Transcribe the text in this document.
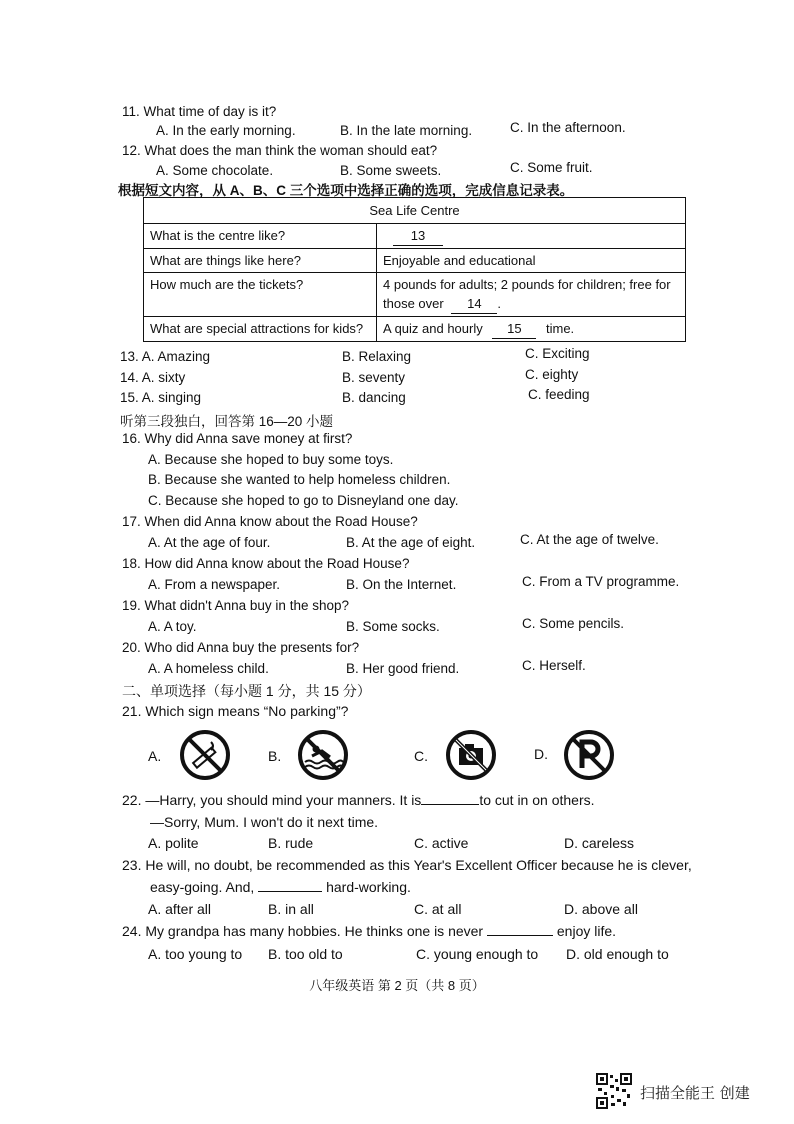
11. What time of day is it?
A. In the early morning.	B. In the late morning.	C. In the afternoon.
12. What does the man think the woman should eat?
A. Some chocolate.	B. Some sweets.	C. Some fruit.
根据短文内容，从 A、B、C 三个选项中选择正确的选项，完成信息记录表。
Sea Life Centre	
What is the centre like?	13
What are things like here?	Enjoyable and educational
How much are the tickets?	4 pounds for adults; 2 pounds for children; free for those over 14 .
What are special attractions for kids?	A quiz and hourly 15 time.
13. A. Amazing	B. Relaxing	C. Exciting
14. A. sixty	B. seventy	C. eighty
15. A. singing	B. dancing	C. feeding
听第三段独白，回答第 16—20 小题
16. Why did Anna save money at first?
A. Because she hoped to buy some toys.
B. Because she wanted to help homeless children.
C. Because she hoped to go to Disneyland one day.
17. When did Anna know about the Road House?
A. At the age of four.	B. At the age of eight.	C. At the age of twelve.
18. How did Anna know about the Road House?
A. From a newspaper.	B. On the Internet.	C. From a TV programme.
19. What didn't Anna buy in the shop?
A. A toy.	B. Some socks.	C. Some pencils.
20. Who did Anna buy the presents for?
A. A homeless child.	B. Her good friend.	C. Herself.
二、单项选择（每小题 1 分，共 15 分）
21. Which sign means “No parking”?
A.	B.	C.	D.
22. —Harry, you should mind your manners. It is	to cut in on others.
—Sorry, Mum. I won't do it next time.
A. polite	B. rude	C. active	D. careless
23. He will, no doubt, be recommended as this Year's Excellent Officer because he is clever,
easy-going. And,	hard-working.
A. after all	B. in all	C. at all	D. above all
24. My grandpa has many hobbies. He thinks one is never	enjoy life.
A. too young to B. too old to	C. young enough to D. old enough to
八年级英语 第 2 页（共 8 页）
扫描全能王 创建
